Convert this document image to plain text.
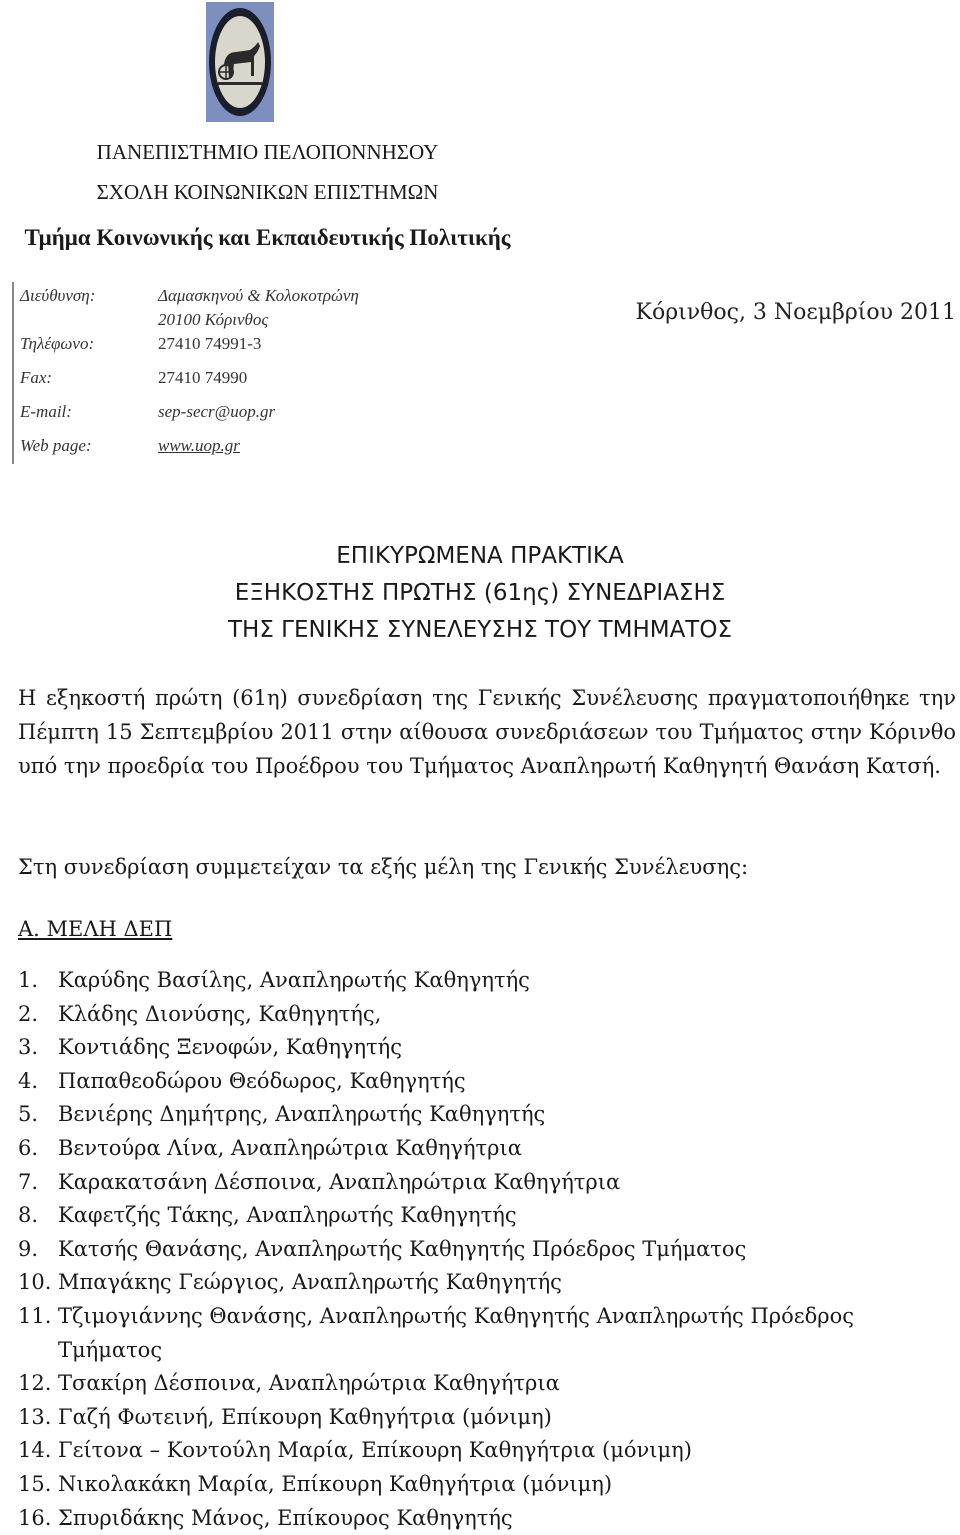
ΠΑΝΕΠΙΣΤΗΜΙΟ ΠΕΛΟΠΟΝΝΗΣΟΥ
ΣΧΟΛΗ ΚΟΙΝΩΝΙΚΩΝ ΕΠΙΣΤΗΜΩΝ
Τμήμα Κοινωνικής και Εκπαιδευτικής Πολιτικής
Διεύθυνση:	Δαμασκηνού & Κολοκοτρώνη
20100 Κόρινθος
Τηλέφωνο:	27410 74991-3
Fax:	27410 74990
E-mail:	sep-secr@uop.gr
Web page:	www.uop.gr
Κόρινθος, 3 Νοεμβρίου 2011
ΕΠΙΚΥΡΩΜΕΝΑ ΠΡΑΚΤΙΚΑ
ΕΞΗΚΟΣΤΗΣ ΠΡΩΤΗΣ (61ης) ΣΥΝΕΔΡΙΑΣΗΣ
ΤΗΣ ΓΕΝΙΚΗΣ ΣΥΝΕΛΕΥΣΗΣ ΤΟΥ ΤΜΗΜΑΤΟΣ
Η εξηκοστή πρώτη (61η) συνεδρίαση της Γενικής Συνέλευσης πραγματοποιήθηκε την Πέμπτη 15 Σεπτεμβρίου 2011 στην αίθουσα συνεδριάσεων του Τμήματος στην Κόρινθο υπό την προεδρία του Προέδρου του Τμήματος Αναπληρωτή Καθηγητή Θανάση Κατσή.
Στη συνεδρίαση συμμετείχαν τα εξής μέλη της Γενικής Συνέλευσης:
Α. ΜΕΛΗ ΔΕΠ
1. Καρύδης Βασίλης, Αναπληρωτής Καθηγητής
2. Κλάδης Διονύσης, Καθηγητής,
3. Κοντιάδης Ξενοφών, Καθηγητής
4. Παπαθεοδώρου Θεόδωρος, Καθηγητής
5. Βενιέρης Δημήτρης, Αναπληρωτής Καθηγητής
6. Βεντούρα Λίνα, Αναπληρώτρια Καθηγήτρια
7. Καρακατσάνη Δέσποινα, Αναπληρώτρια Καθηγήτρια
8. Καφετζής Τάκης, Αναπληρωτής Καθηγητής
9. Κατσής Θανάσης, Αναπληρωτής Καθηγητής Πρόεδρος Τμήματος
10. Μπαγάκης Γεώργιος, Αναπληρωτής Καθηγητής
11. Τζιμογιάννης Θανάσης, Αναπληρωτής Καθηγητής Αναπληρωτής Πρόεδρος Τμήματος
12. Τσακίρη Δέσποινα, Αναπληρώτρια Καθηγήτρια
13. Γαζή Φωτεινή, Επίκουρη Καθηγήτρια (μόνιμη)
14. Γείτονα – Κοντούλη Μαρία, Επίκουρη Καθηγήτρια (μόνιμη)
15. Νικολακάκη Μαρία, Επίκουρη Καθηγήτρια (μόνιμη)
16. Σπυριδάκης Μάνος, Επίκουρος Καθηγητής
